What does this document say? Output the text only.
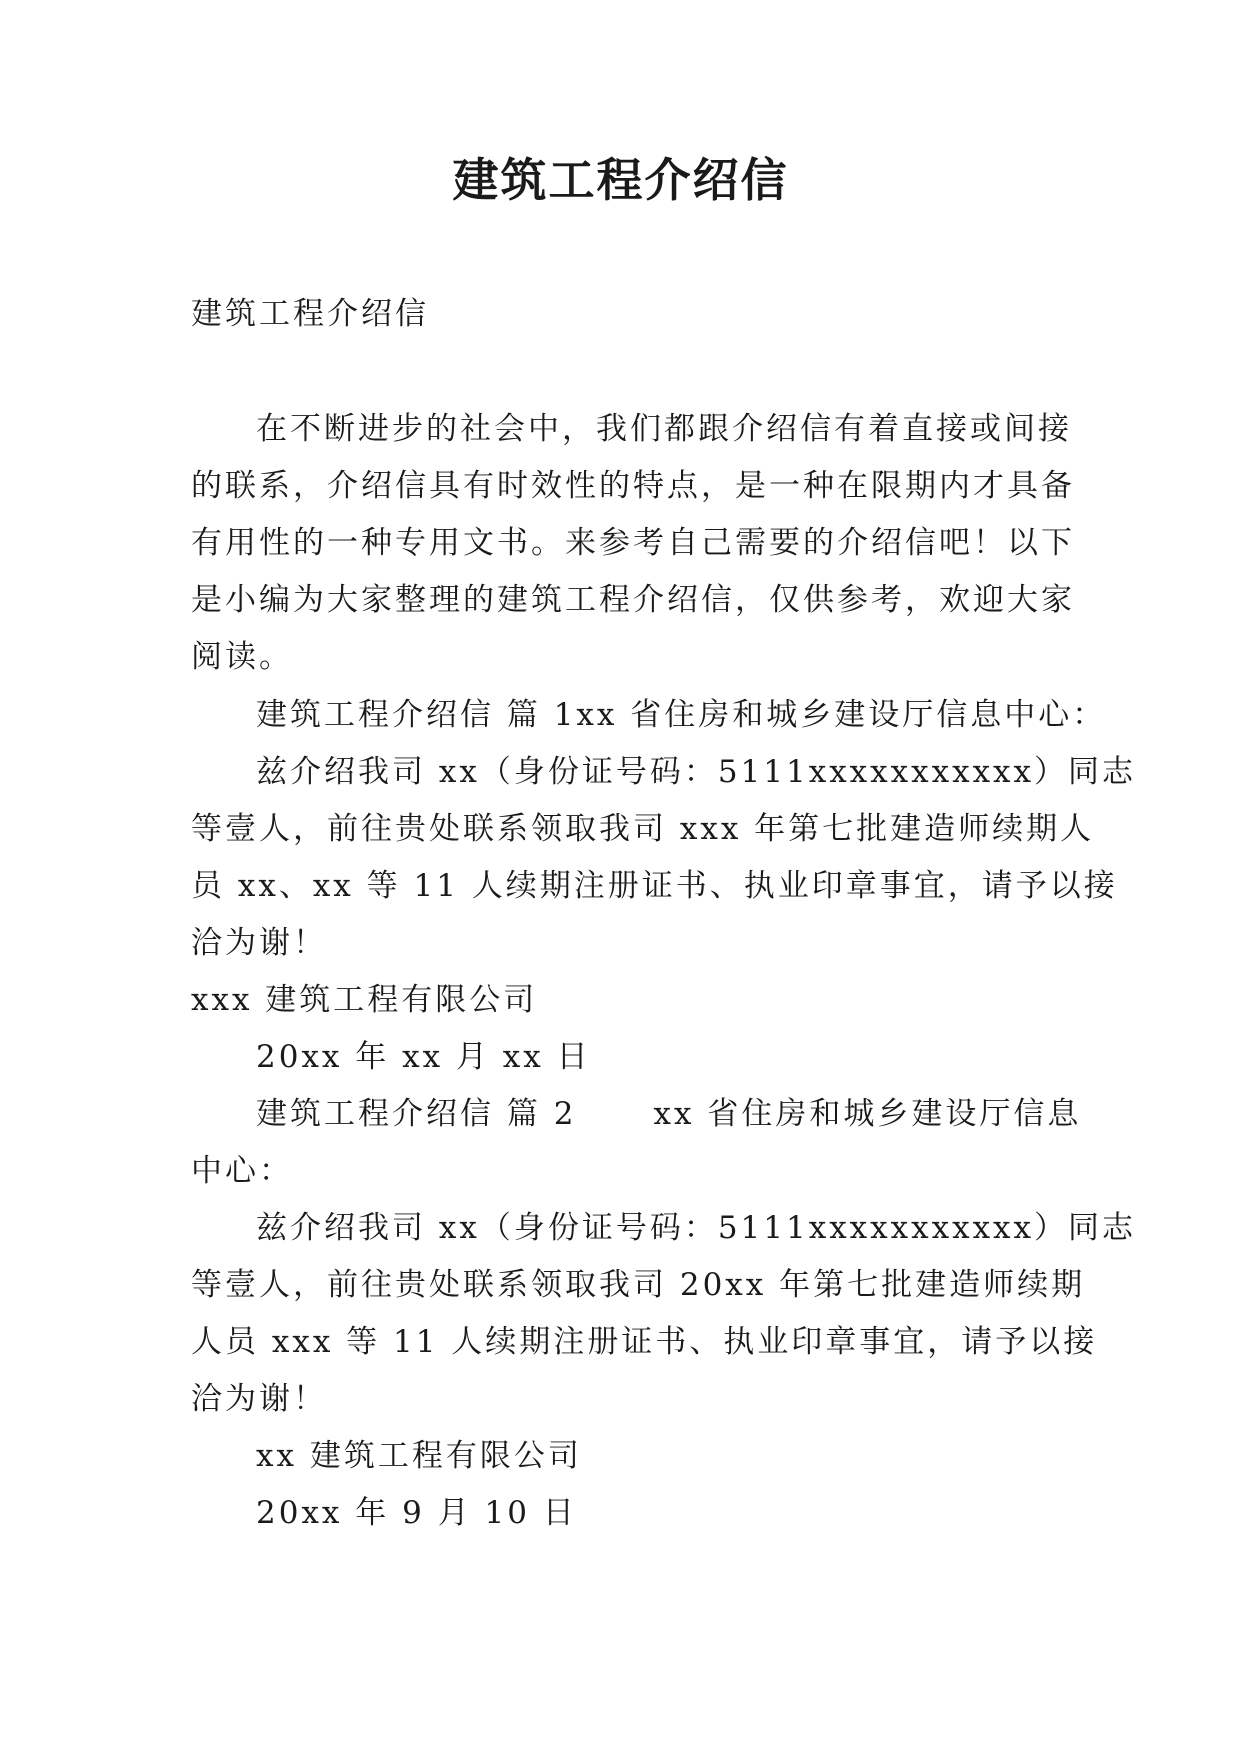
建筑工程介绍信
建筑工程介绍信
在不断进步的社会中，我们都跟介绍信有着直接或间接
的联系，介绍信具有时效性的特点，是一种在限期内才具备
有用性的一种专用文书。来参考自己需要的介绍信吧！以下
是小编为大家整理的建筑工程介绍信，仅供参考，欢迎大家
阅读。
建筑工程介绍信 篇 1xx 省住房和城乡建设厅信息中心：
兹介绍我司 xx（身份证号码：5111xxxxxxxxxxx）同志
等壹人，前往贵处联系领取我司 xxx 年第七批建造师续期人
员 xx、xx 等 11 人续期注册证书、执业印章事宜，请予以接
洽为谢！
xxx 建筑工程有限公司
20xx 年 xx 月 xx 日
建筑工程介绍信 篇 2      xx 省住房和城乡建设厅信息
中心：
兹介绍我司 xx（身份证号码：5111xxxxxxxxxxx）同志
等壹人，前往贵处联系领取我司 20xx 年第七批建造师续期
人员 xxx 等 11 人续期注册证书、执业印章事宜，请予以接
洽为谢！
xx 建筑工程有限公司
20xx 年 9 月 10 日
